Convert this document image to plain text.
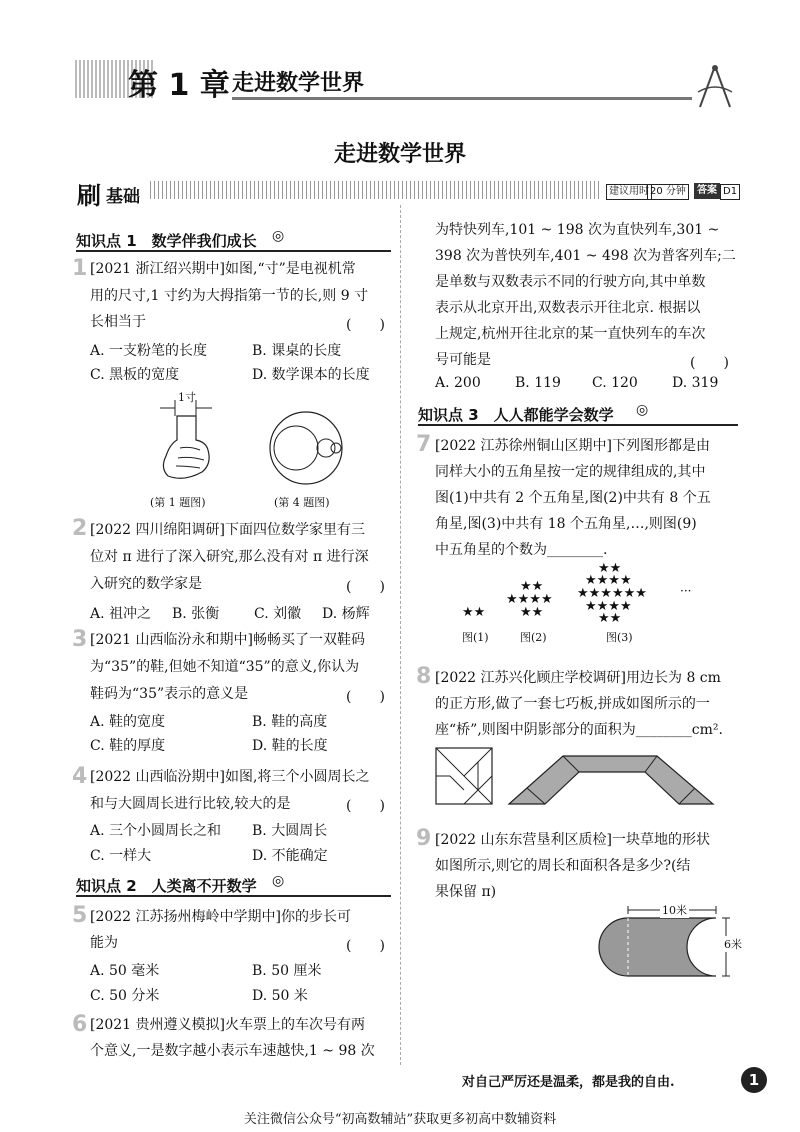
第 1 章 走进数学世界
走进数学世界
刷 基础	建议用时 20 分钟	答案 D1
知识点 1　数学伴我们成长 ◎
1 [2021 浙江绍兴期中]如图,“寸”是电视机常
用的尺寸,1 寸约为大拇指第一节的长,则 9 寸
长相当于	(　　)
A. 一支粉笔的长度	B. 课桌的长度
C. 黑板的宽度	D. 数学课本的长度
1寸
(第 1 题图)	(第 4 题图)
2 [2022 四川绵阳调研]下面四位数学家里有三
位对 π 进行了深入研究,那么没有对 π 进行深
入研究的数学家是	(　　)
A. 祖冲之 B. 张衡 C. 刘徽 D. 杨辉
3 [2021 山西临汾永和期中]畅畅买了一双鞋码
为“35”的鞋,但她不知道“35”的意义,你认为
鞋码为“35”表示的意义是	(　　)
A. 鞋的宽度	B. 鞋的高度
C. 鞋的厚度	D. 鞋的长度
4 [2022 山西临汾期中]如图,将三个小圆周长之
和与大圆周长进行比较,较大的是	(　　)
A. 三个小圆周长之和 B. 大圆周长
C. 一样大	D. 不能确定
知识点 2　人类离不开数学 ◎
5 [2022 江苏扬州梅岭中学期中]你的步长可
能为	(　　)
A. 50 毫米	B. 50 厘米
C. 50 分米	D. 50 米
6 [2021 贵州遵义模拟]火车票上的车次号有两
个意义,一是数字越小表示车速越快,1 ~ 98 次
为特快列车,101 ~ 198 次为直快列车,301 ~
398 次为普快列车,401 ~ 498 次为普客列车;二
是单数与双数表示不同的行驶方向,其中单数
表示从北京开出,双数表示开往北京. 根据以
上规定,杭州开往北京的某一直快列车的车次
号可能是	(　　)
A. 200 B. 119 C. 120 D. 319
知识点 3　人人都能学会数学 ◎
7 [2022 江苏徐州铜山区期中]下列图形都是由
同样大小的五角星按一定的规律组成的,其中
图(1)中共有 2 个五角星,图(2)中共有 8 个五
角星,图(3)中共有 18 个五角星,…,则图(9)
中五角星的个数为________.
★★
★★
★★★★
★★
★★
★★★★
★★★★★★
★★★★
★★
···
图(1)	图(2)	图(3)
8 [2022 江苏兴化顾庄学校调研]用边长为 8 cm
的正方形,做了一套七巧板,拼成如图所示的一
座“桥”,则图中阴影部分的面积为________cm².
9 [2022 山东东营垦利区质检]一块草地的形状
如图所示,则它的周长和面积各是多少?(结
果保留 π)
10米
6米
对自己严厉还是温柔，都是我的自由.	1
关注微信公众号“初高数辅站”获取更多初高中数辅资料
